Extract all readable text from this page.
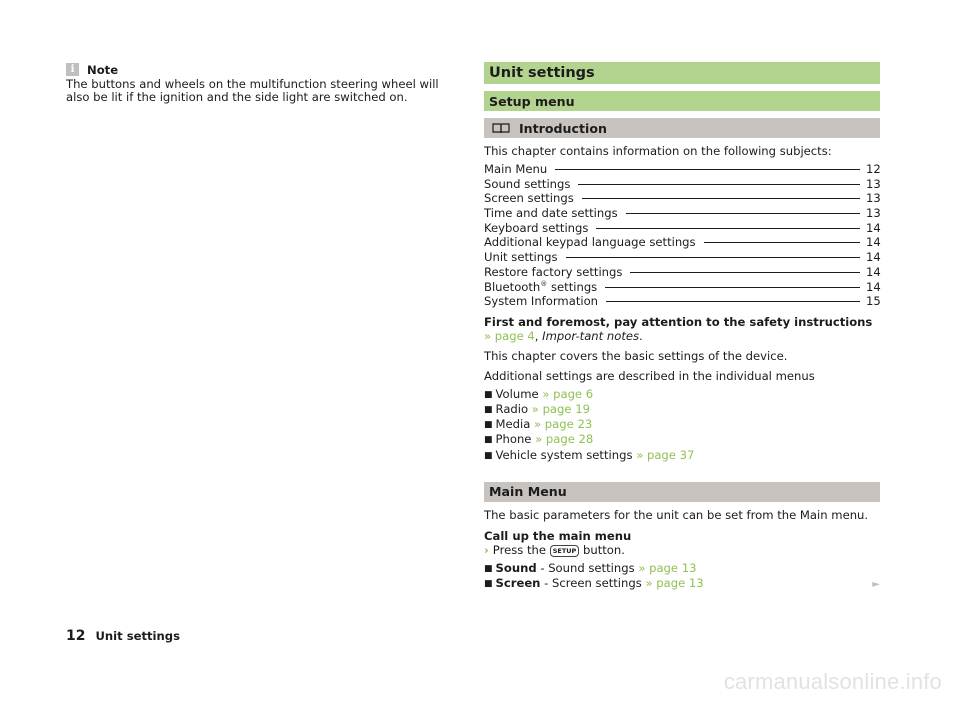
i	Note
The buttons and wheels on the multifunction steering wheel will also be lit if the ignition and the side light are switched on.
Unit settings
Setup menu
Introduction
This chapter contains information on the following subjects:
Main Menu	12
Sound settings	13
Screen settings	13
Time and date settings	13
Keyboard settings	14
Additional keypad language settings	14
Unit settings	14
Restore factory settings	14
Bluetooth® settings	14
System Information	15
First and foremost, pay attention to the safety instructions » page 4, Impor-tant notes.
This chapter covers the basic settings of the device.
Additional settings are described in the individual menus
■ Volume » page 6
■ Radio » page 19
■ Media » page 23
■ Phone » page 28
■ Vehicle system settings » page 37
Main Menu
The basic parameters for the unit can be set from the Main menu.
Call up the main menu
› Press the SETUP button.
■ Sound - Sound settings » page 13
■ Screen - Screen settings » page 13	►
12 Unit settings
carmanualsonline.info
